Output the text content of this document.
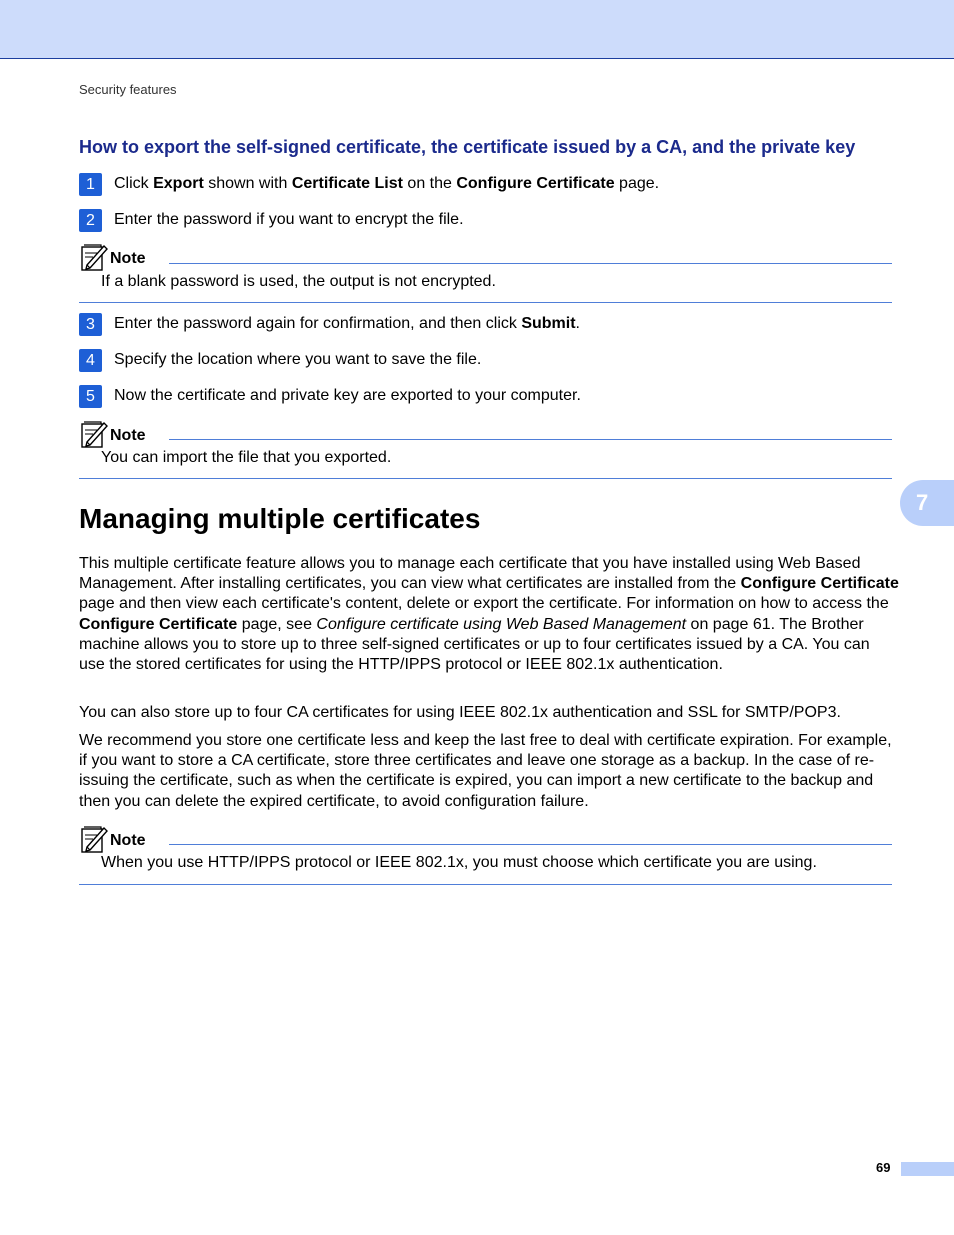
Security features
How to export the self-signed certificate, the certificate issued by a CA, and the private key
1	Click Export shown with Certificate List on the Configure Certificate page.
2	Enter the password if you want to encrypt the file.
Note
If a blank password is used, the output is not encrypted.
3	Enter the password again for confirmation, and then click Submit.
4	Specify the location where you want to save the file.
5	Now the certificate and private key are exported to your computer.
Note
You can import the file that you exported.
7
Managing multiple certificates

This multiple certificate feature allows you to manage each certificate that you have installed using Web Based Management. After installing certificates, you can view what certificates are installed from the Configure Certificate page and then view each certificate's content, delete or export the certificate. For information on how to access the Configure Certificate page, see Configure certificate using Web Based Management on page 61. The Brother machine allows you to store up to three self-signed certificates or up to four certificates issued by a CA. You can use the stored certificates for using the HTTP/IPPS protocol or IEEE 802.1x authentication.

You can also store up to four CA certificates for using IEEE 802.1x authentication and SSL for SMTP/POP3.

We recommend you store one certificate less and keep the last free to deal with certificate expiration. For example, if you want to store a CA certificate, store three certificates and leave one storage as a backup. In the case of re-issuing the certificate, such as when the certificate is expired, you can import a new certificate to the backup and then you can delete the expired certificate, to avoid configuration failure.

Note
When you use HTTP/IPPS protocol or IEEE 802.1x, you must choose which certificate you are using.
69
